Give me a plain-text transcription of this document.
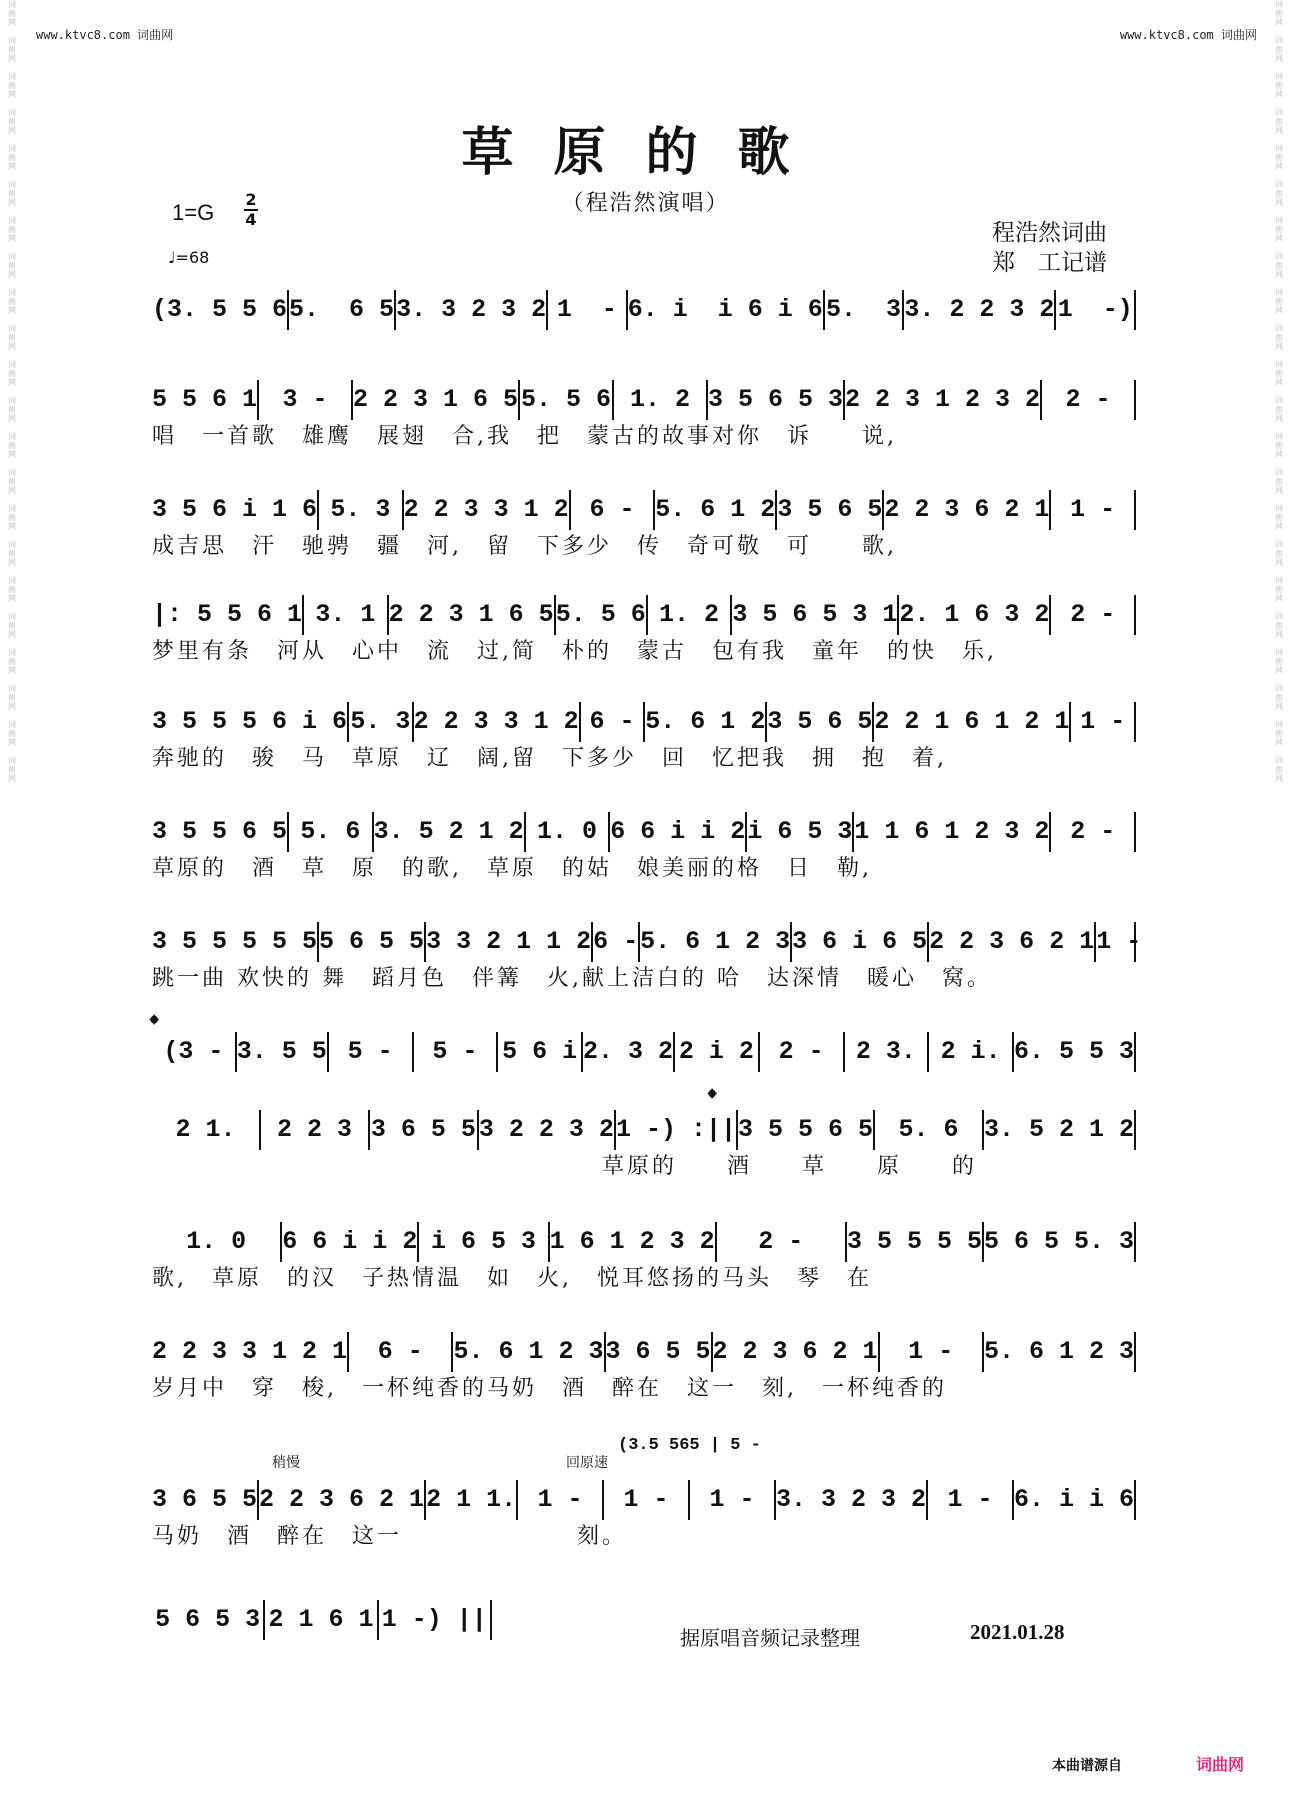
词
曲
网
词
曲
网
词
曲
网
词
曲
网
词
曲
网
词
曲
网
词
曲
网
词
曲
网
词
曲
网
词
曲
网
词
曲
网
词
曲
网
词
曲
网
词
曲
网
词
曲
网
词
曲
网
词
曲
网
词
曲
网
词
曲
网
词
曲
网
词
曲
网
词
曲
网
词
曲
网
词
曲
网
词
曲
网
词
曲
网
词
曲
网
词
曲
网
词
曲
网
词
曲
网
词
曲
网
词
曲
网
词
曲
网
词
曲
网
词
曲
网
词
曲
网
词
曲
网
词
曲
网
词
曲
网
词
曲
网
词
曲
网
词
曲
网
词
曲
网
词
曲
网
www.ktvc8.com 词曲网	www.ktvc8.com 词曲网
草原的歌
（程浩然演唱）
1=G
2
4
♩=68
程浩然词曲
郑　工记谱
(3. 5 5 6 5.  6 5 3. 3 2 3 2 1  - 6. i  i 6 i 6 5.  3 3. 2 2 3 2 1  -)
5 5 6 1	3 -	2 2 3 1 6 5 5. 5 6 1. 2 3 5 6 5 3 2 2 3 1 2 3 2	2 -
唱　一首歌　雄鹰　展翅　合,我　把　蒙古的故事对你　诉　　说,
3 5 6 i 1 6 5. 3 2 2 3 3 1 2 6 - 5. 6 1 2 3 5 6 5 2 2 3 6 2 1 1 -
成吉思　汗　驰骋　疆　河,　留　下多少　传　奇可敬　可　　歌,
|: 5 5 6 1 3. 1 2 2 3 1 6 5 5. 5 6 1. 2 3 5 6 5 3 1 2. 1 6 3 2 2 -
梦里有条　河从　心中　流　过,简　朴的　蒙古　包有我　童年　的快　乐,
3 5 5 5 6 i 6 5. 3 2 2 3 3 1 2 6 - 5. 6 1 2 3 5 6 5 2 2 1 6 1 2 1 1 -
奔驰的　骏　马　草原　辽　阔,留　下多少　回　忆把我　拥　抱　着,
3 5 5 6 5 5. 6 3. 5 2 1 2 1. 0 6 6 i i 2 i 6 5 3 1 1 6 1 2 3 2 2 -
草原的　酒　草　原　的歌,　草原　的姑　娘美丽的格　日　勒,
3 5 5 5 5 5 5 6 5 5 3 3 2 1 1 2 6 - 5. 6 1 2 3 3 6 i 6 5 2 2 3 6 2 1 1 -
跳一曲 欢快的 舞　蹈月色　伴篝　火,献上洁白的 哈　达深情　暖心　窝。
(3 - 3. 5 5 5 -	5 - 5 6 i 2. 3 2 2 i 2 2 -	2 3. 2 i. 6. 5 5 3
2 1.	2 2 3 3 6 5 5 3 2 2 3 2 1 -) :|| 3 5 5 6 5	5. 6	3. 5 2 1 2
　　　　　　　　　　　　　　　　　　草原的　　酒　　草　　原　　的
1. 0	6 6 i i 2 i 6 5 3 1 6 1 2 3 2	2 -	3 5 5 5 5 5 6 5 5. 3
歌,　草原　的汉　子热情温　如　火,　悦耳悠扬的马头　琴　在
2 2 3 3 1 2 1	6 -	5. 6 1 2 3 3 6 5 5 2 2 3 6 2 1	1 -	5. 6 1 2 3
岁月中　穿　梭,　一杯纯香的马奶　酒　醉在　这一　刻,　一杯纯香的
3 6 5 5 2 2 3 6 2 1 2 1 1. 1 -	1 -	1 - 3. 3 2 3 2 1 - 6. i i 6
马奶　酒　醉在　这一　　　　　　　刻。
5 6 5 3 2 1 6 1 1 -) ||
𝄌
𝄌
稍慢	回原速
(3.5 565 | 5 -
据原唱音频记录整理	2021.01.28
本曲谱源自	词曲网
